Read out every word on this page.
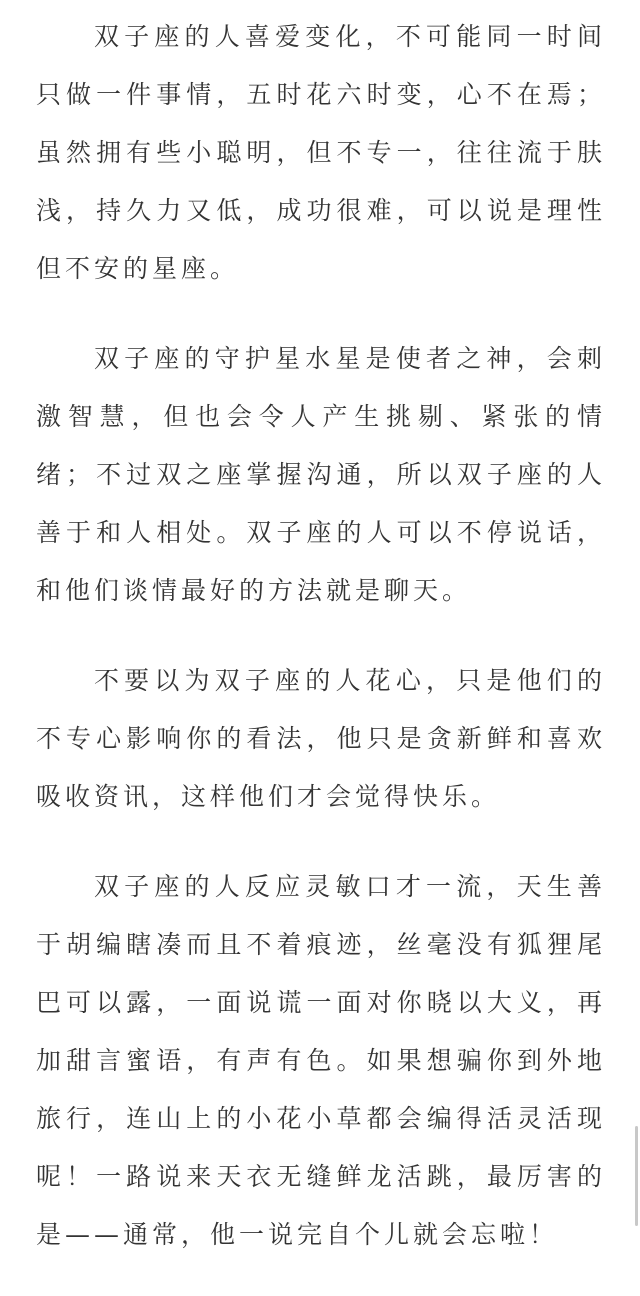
双子座的人喜爱变化，不可能同一时间只做一件事情，五时花六时变，心不在焉；虽然拥有些小聪明，但不专一，往往流于肤浅，持久力又低，成功很难，可以说是理性但不安的星座。

双子座的守护星水星是使者之神，会刺激智慧，但也会令人产生挑剔、紧张的情绪；不过双之座掌握沟通，所以双子座的人善于和人相处。双子座的人可以不停说话，和他们谈情最好的方法就是聊天。

不要以为双子座的人花心，只是他们的不专心影响你的看法，他只是贪新鲜和喜欢吸收资讯，这样他们才会觉得快乐。

双子座的人反应灵敏口才一流，天生善于胡编瞎凑而且不着痕迹，丝毫没有狐狸尾巴可以露，一面说谎一面对你晓以大义，再加甜言蜜语，有声有色。如果想骗你到外地旅行，连山上的小花小草都会编得活灵活现呢！一路说来天衣无缝鲜龙活跳，最厉害的是——通常，他一说完自个儿就会忘啦！
